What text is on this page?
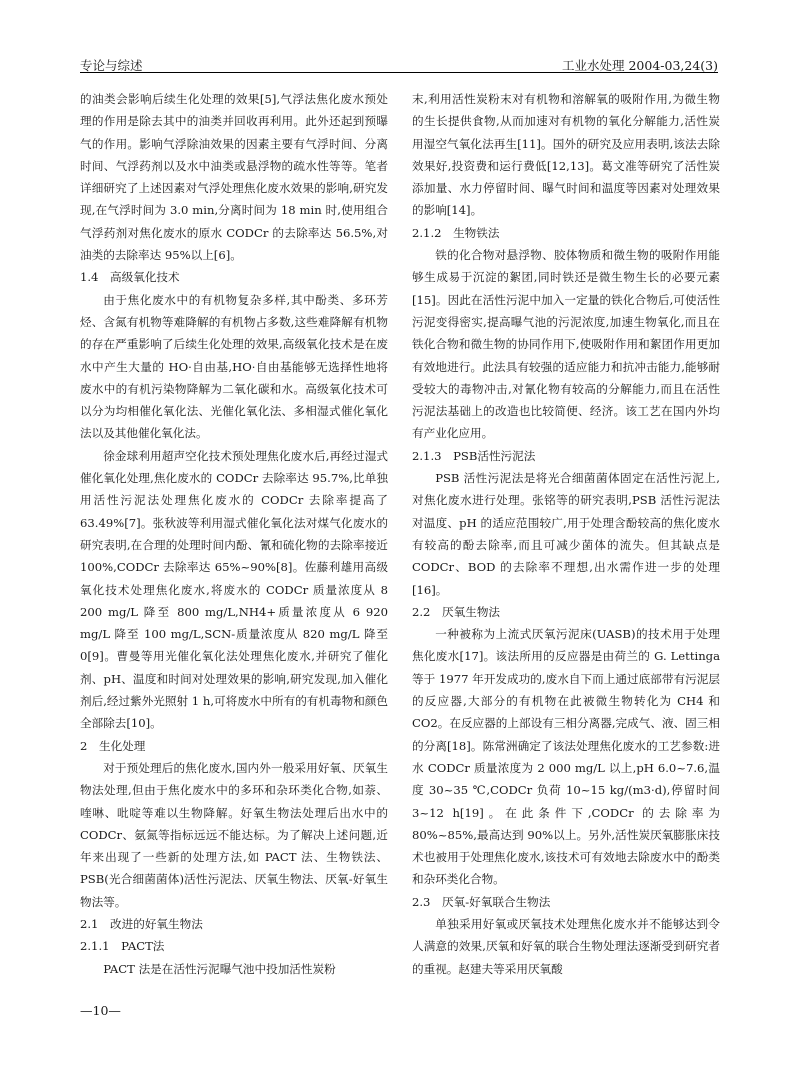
专论与综述	工业水处理 2004-03,24(3)

的油类会影响后续生化处理的效果[5],气浮法焦化废水预处理的作用是除去其中的油类并回收再利用。此外还起到预曝气的作用。影响气浮除油效果的因素主要有气浮时间、分离时间、气浮药剂以及水中油类或悬浮物的疏水性等等。笔者详细研究了上述因素对气浮处理焦化废水效果的影响,研究发现,在气浮时间为 3.0 min,分离时间为 18 min 时,使用组合气浮药剂对焦化废水的原水 CODCr 的去除率达 56.5%,对油类的去除率达 95%以上[6]。

1.4　高级氧化技术

由于焦化废水中的有机物复杂多样,其中酚类、多环芳烃、含氮有机物等难降解的有机物占多数,这些难降解有机物的存在严重影响了后续生化处理的效果,高级氧化技术是在废水中产生大量的 HO·自由基,HO·自由基能够无选择性地将废水中的有机污染物降解为二氧化碳和水。高级氧化技术可以分为均相催化氧化法、光催化氧化法、多相湿式催化氧化法以及其他催化氧化法。

徐金球利用超声空化技术预处理焦化废水后,再经过湿式催化氧化处理,焦化废水的 CODCr 去除率达 95.7%,比单独用活性污泥法处理焦化废水的 CODCr 去除率提高了 63.49%[7]。张秋波等利用湿式催化氧化法对煤气化废水的研究表明,在合理的处理时间内酚、氰和硫化物的去除率接近 100%,CODCr 去除率达 65%~90%[8]。佐藤利雄用高级氧化技术处理焦化废水,将废水的 CODCr 质量浓度从 8 200 mg/L 降至 800 mg/L,NH4+质量浓度从 6 920 mg/L 降至 100 mg/L,SCN-质量浓度从 820 mg/L 降至 0[9]。曹曼等用光催化氧化法处理焦化废水,并研究了催化剂、pH、温度和时间对处理效果的影响,研究发现,加入催化剂后,经过紫外光照射 1 h,可将废水中所有的有机毒物和颜色全部除去[10]。

2　生化处理

对于预处理后的焦化废水,国内外一般采用好氧、厌氧生物法处理,但由于焦化废水中的多环和杂环类化合物,如萘、喹啉、吡啶等难以生物降解。好氧生物法处理后出水中的 CODCr、氨氮等指标远远不能达标。为了解决上述问题,近年来出现了一些新的处理方法,如 PACT 法、生物铁法、PSB(光合细菌菌体)活性污泥法、厌氧生物法、厌氧-好氧生物法等。

2.1　改进的好氧生物法
2.1.1　PACT法

PACT 法是在活性污泥曝气池中投加活性炭粉

末,利用活性炭粉末对有机物和溶解氧的吸附作用,为微生物的生长提供食物,从而加速对有机物的氧化分解能力,活性炭用湿空气氧化法再生[11]。国外的研究及应用表明,该法去除效果好,投资费和运行费低[12,13]。葛文准等研究了活性炭添加量、水力停留时间、曝气时间和温度等因素对处理效果的影响[14]。

2.1.2　生物铁法

铁的化合物对悬浮物、胶体物质和微生物的吸附作用能够生成易于沉淀的絮团,同时铁还是微生物生长的必要元素[15]。因此在活性污泥中加入一定量的铁化合物后,可使活性污泥变得密实,提高曝气池的污泥浓度,加速生物氧化,而且在铁化合物和微生物的协同作用下,使吸附作用和絮团作用更加有效地进行。此法具有较强的适应能力和抗冲击能力,能够耐受较大的毒物冲击,对氰化物有较高的分解能力,而且在活性污泥法基础上的改造也比较简便、经济。该工艺在国内外均有产业化应用。

2.1.3　PSB活性污泥法

PSB 活性污泥法是将光合细菌菌体固定在活性污泥上,对焦化废水进行处理。张铭等的研究表明,PSB 活性污泥法对温度、pH 的适应范围较广,用于处理含酚较高的焦化废水有较高的酚去除率,而且可减少菌体的流失。但其缺点是 CODCr、BOD 的去除率不理想,出水需作进一步的处理[16]。

2.2　厌氧生物法

一种被称为上流式厌氧污泥床(UASB)的技术用于处理焦化废水[17]。该法所用的反应器是由荷兰的 G. Lettinga 等于 1977 年开发成功的,废水自下而上通过底部带有污泥层的反应器,大部分的有机物在此被微生物转化为 CH4 和 CO2。在反应器的上部设有三相分离器,完成气、液、固三相的分离[18]。陈常洲确定了该法处理焦化废水的工艺参数:进水 CODCr 质量浓度为 2 000 mg/L 以上,pH 6.0~7.6,温度 30~35 ℃,CODCr 负荷 10~15 kg/(m3·d),停留时间 3~12 h[19]。在此条件下,CODCr 的去除率为 80%~85%,最高达到 90%以上。另外,活性炭厌氧膨胀床技术也被用于处理焦化废水,该技术可有效地去除废水中的酚类和杂环类化合物。

2.3　厌氧-好氧联合生物法

单独采用好氧或厌氧技术处理焦化废水并不能够达到令人满意的效果,厌氧和好氧的联合生物处理法逐渐受到研究者的重视。赵建夫等采用厌氧酸

—10—
